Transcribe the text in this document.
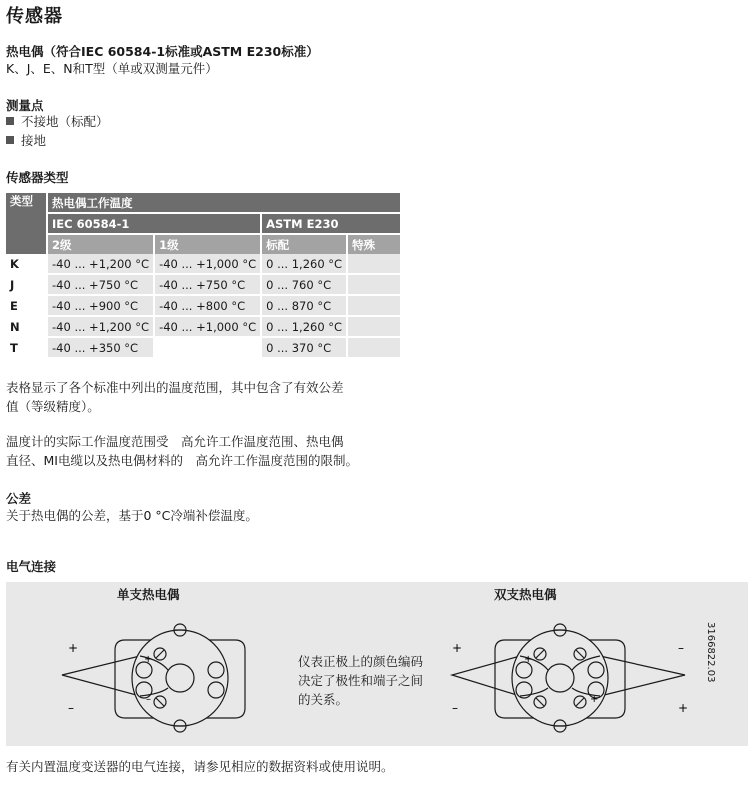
传感器
热电偶（符合IEC 60584-1标准或ASTM E230标准）
K、J、E、N和T型（单或双测量元件）
测量点
不接地（标配）
接地
传感器类型
类型	热电偶工作温度			
	IEC 60584-1		ASTM E230	
	2级	1级	标配	特殊
K	-40 ... +1,200 °C	-40 ... +1,000 °C	0 ... 1,260 °C	
J	-40 ... +750 °C	-40 ... +750 °C	0 ... 760 °C	
E	-40 ... +900 °C	-40 ... +800 °C	0 ... 870 °C	
N	-40 ... +1,200 °C	-40 ... +1,000 °C	0 ... 1,260 °C	
T	-40 ... +350 °C		0 ... 370 °C	
表格显示了各个标准中列出的温度范围，其中包含了有效公差
值（等级精度）。
温度计的实际工作温度范围受　高允许工作温度范围、热电偶
直径、MI电缆以及热电偶材料的　高允许工作温度范围的限制。
公差
关于热电偶的公差，基于0 °C冷端补偿温度。
电气连接
单支热电偶	双支热电偶
+
–
+
–
仪表正极上的颜色编码
决定了极性和端子之间
的关系。
+
–	+
–
+
+
3166822.03
有关内置温度变送器的电气连接，请参见相应的数据资料或使用说明。
